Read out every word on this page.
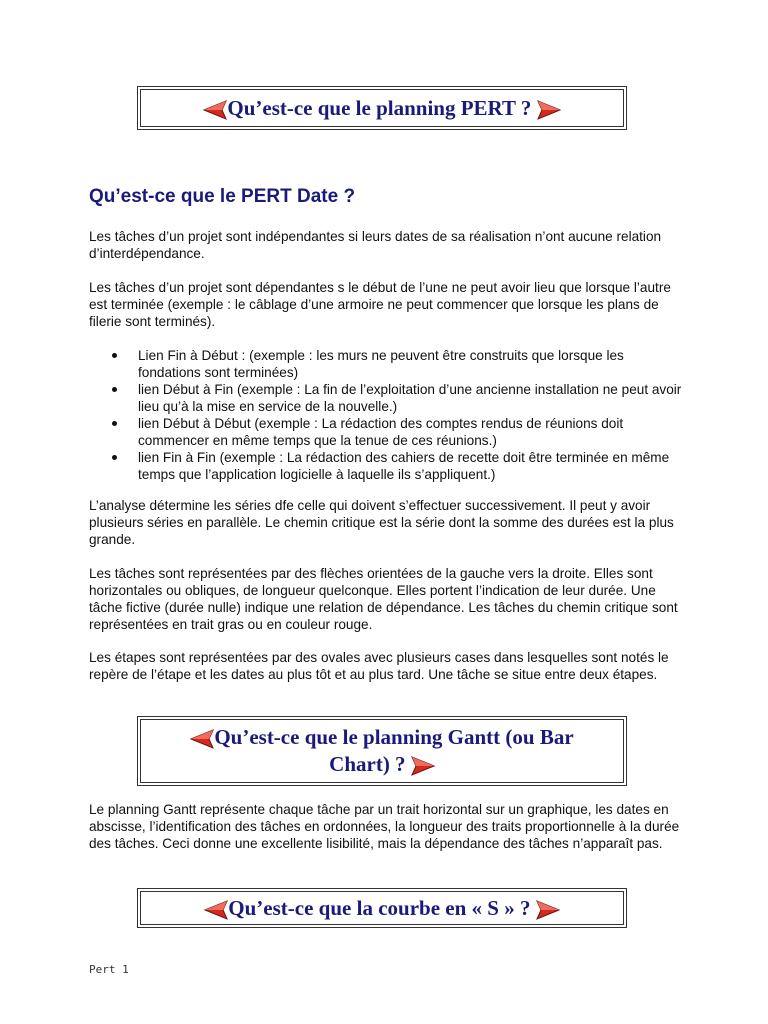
Qu’est-ce que le planning PERT ?
Qu’est-ce que le PERT Date ?

Les tâches d’un projet sont indépendantes si leurs dates de sa réalisation n’ont aucune relation d’interdépendance.

Les tâches d’un projet sont dépendantes s le début de l’une ne peut avoir lieu que lorsque l’autre est terminée (exemple : le câblage d’une armoire ne peut commencer que lorsque les plans de filerie sont terminés).

Lien Fin à Début : (exemple : les murs ne peuvent être construits que lorsque les fondations sont terminées)
lien Début à Fin (exemple : La fin de l’exploitation d’une ancienne installation ne peut avoir lieu qu’à la mise en service de la nouvelle.)
lien Début à Début (exemple : La rédaction des comptes rendus de réunions doit commencer en même temps que la tenue de ces réunions.)
lien Fin à Fin (exemple : La rédaction des cahiers de recette doit être terminée en même temps que l’application logicielle à laquelle ils s’appliquent.)

L’analyse détermine les séries dfe celle qui doivent s’effectuer successivement. Il peut y avoir plusieurs séries en parallèle. Le chemin critique est la série dont la somme des durées est la plus grande.

Les tâches sont représentées par des flèches orientées de la gauche vers la droite. Elles sont horizontales ou obliques, de longueur quelconque. Elles portent l’indication de leur durée. Une tâche fictive (durée nulle) indique une relation de dépendance. Les tâches du chemin critique sont représentées en trait gras ou en couleur rouge.

Les étapes sont représentées par des ovales avec plusieurs cases dans lesquelles sont notés le repère de l’étape et les dates au plus tôt et au plus tard. Une tâche se situe entre deux étapes.

Qu’est-ce que le planning Gantt (ou Bar
Chart) ?

Le planning Gantt représente chaque tâche par un trait horizontal sur un graphique, les dates en abscisse, l’identification des tâches en ordonnées, la longueur des traits proportionnelle à la durée des tâches. Ceci donne une excellente lisibilité, mais la dépendance des tâches n’apparaît pas.

Qu’est-ce que la courbe en « S » ?
Pert 1
